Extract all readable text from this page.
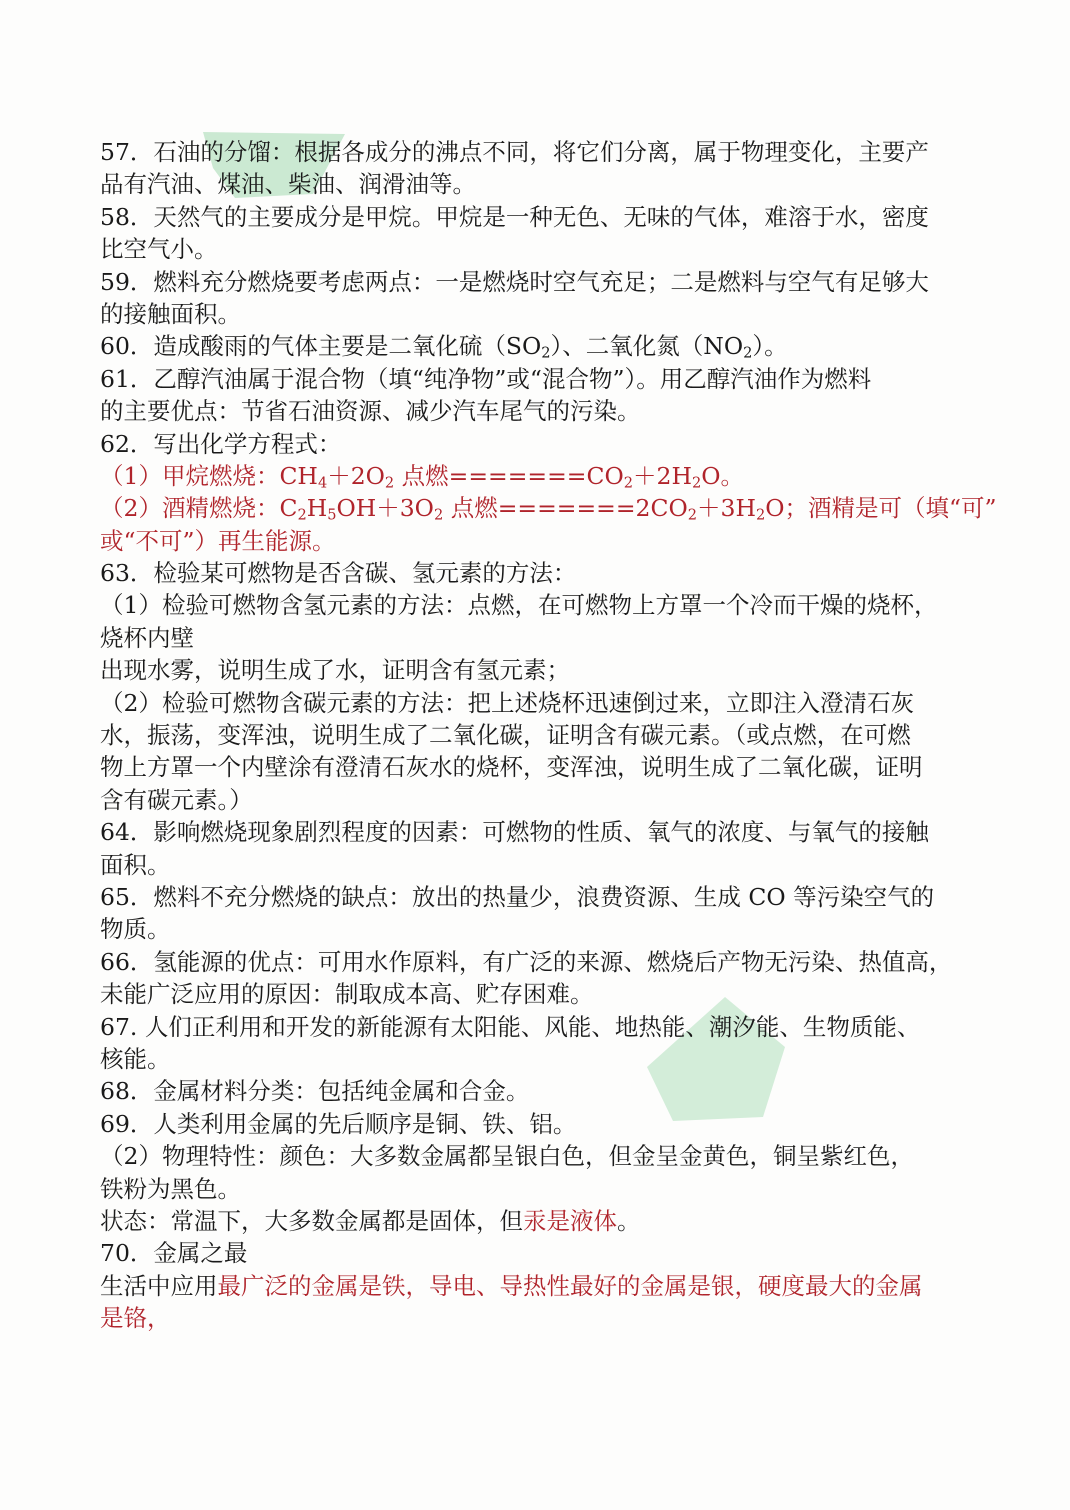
57．石油的分馏：根据各成分的沸点不同，将它们分离，属于物理变化，主要产
品有汽油、煤油、柴油、润滑油等。
58．天然气的主要成分是甲烷。甲烷是一种无色、无味的气体，难溶于水，密度
比空气小。
59．燃料充分燃烧要考虑两点：一是燃烧时空气充足；二是燃料与空气有足够大
的接触面积。
60．造成酸雨的气体主要是二氧化硫$(SO_2)$、二氧化氮$(NO_2)$。
61．乙醇汽油属于混合物（填“纯净物”或“混合物”）。用乙醇汽油作为燃料
的主要优点：节省石油资源、减少汽车尾气的污染。
62．写出化学方程式：
（1）甲烷燃烧：$CH_4+2O_2$ 点燃$=======CO_2+2H_2O$。
（2）酒精燃烧：$C_2H_5OH+3O_2$ 点燃$=======2CO_2+3H_2O$；酒精是可（填“可”
或“不可”）再生能源。
63．检验某可燃物是否含碳、氢元素的方法：
（1）检验可燃物含氢元素的方法：点燃，在可燃物上方罩一个冷而干燥的烧杯，
烧杯内壁
出现水雾，说明生成了水，证明含有氢元素；
（2）检验可燃物含碳元素的方法：把上述烧杯迅速倒过来，立即注入澄清石灰
水，振荡，变浑浊，说明生成了二氧化碳，证明含有碳元素。（或点燃，在可燃
物上方罩一个内壁涂有澄清石灰水的烧杯，变浑浊，说明生成了二氧化碳，证明
含有碳元素。）
64．影响燃烧现象剧烈程度的因素：可燃物的性质、氧气的浓度、与氧气的接触
面积。
65．燃料不充分燃烧的缺点：放出的热量少，浪费资源、生成 CO 等污染空气的
物质。
66．氢能源的优点：可用水作原料，有广泛的来源、燃烧后产物无污染、热值高，
未能广泛应用的原因：制取成本高、贮存困难。
67. 人们正利用和开发的新能源有太阳能、风能、地热能、潮汐能、生物质能、
核能。
68．金属材料分类：包括纯金属和合金。
69．人类利用金属的先后顺序是铜、铁、铝。
（2）物理特性：颜色：大多数金属都呈银白色，但金呈金黄色，铜呈紫红色，
铁粉为黑色。
状态：常温下，大多数金属都是固体，但汞是液体。
70．金属之最
生活中应用最广泛的金属是铁，导电、导热性最好的金属是银，硬度最大的金属
是铬，
